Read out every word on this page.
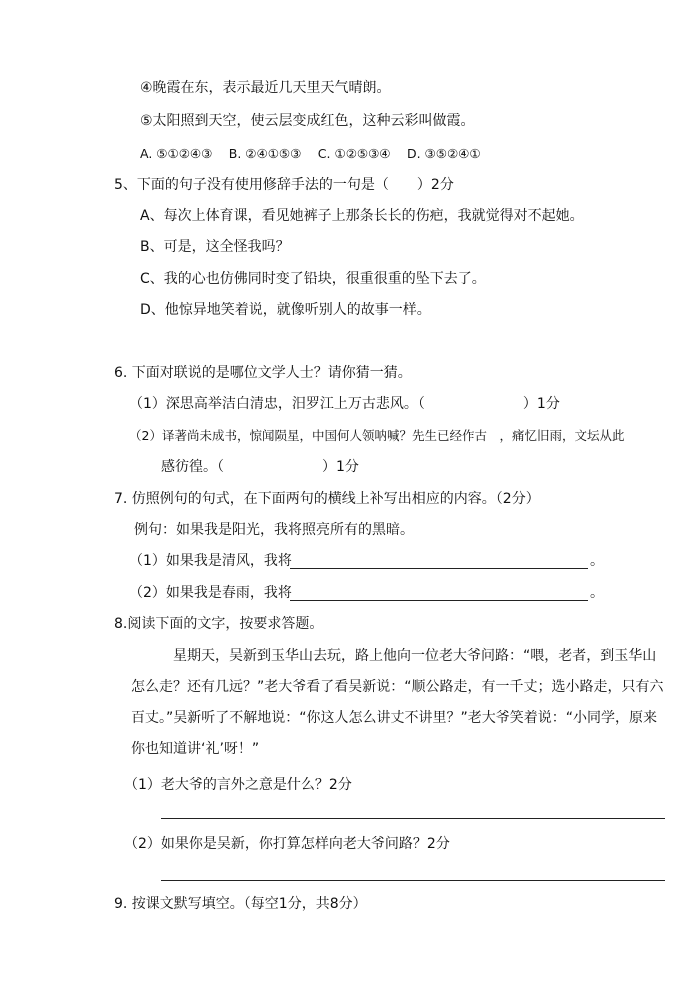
④晚霞在东，表示最近几天里天气晴朗。
⑤太阳照到天空，使云层变成红色，这种云彩叫做霞。
A. ⑤①②④③　 B. ②④①⑤③　 C. ①②⑤③④　 D. ③⑤②④①
5、下面的句子没有使用修辞手法的一句是（　　）2分
A、每次上体育课，看见她裤子上那条长长的伤疤，我就觉得对不起她。
B、可是，这全怪我吗？
C、我的心也仿佛同时变了铅块，很重很重的坠下去了。
D、他惊异地笑着说，就像听别人的故事一样。
6. 下面对联说的是哪位文学人士？请你猜一猜。
（1）深思高举洁白清忠，汨罗江上万古悲风。（　　　　　　　）1分
（2）译著尚未成书，惊闻陨星，中国何人领呐喊？先生已经作古　，痛忆旧雨，文坛从此
感彷徨。（　　　　　　　）1分
7. 仿照例句的句式，在下面两句的横线上补写出相应的内容。（2分）
例句：如果我是阳光，我将照亮所有的黑暗。
（1）如果我是清风，我将	。
（2）如果我是春雨，我将	。
8.阅读下面的文字，按要求答题。
星期天，吴新到玉华山去玩，路上他向一位老大爷问路：“喂，老者，到玉华山怎么走？还有几远？”老大爷看了看吴新说：“顺公路走，有一千丈；选小路走，只有六百丈。”吴新听了不解地说：“你这人怎么讲丈不讲里？”老大爷笑着说：“小同学，原来你也知道讲‘礼’呀！”
（1）老大爷的言外之意是什么？2分
（2）如果你是吴新，你打算怎样向老大爷问路？2分
9. 按课文默写填空。（每空1分，共8分）
